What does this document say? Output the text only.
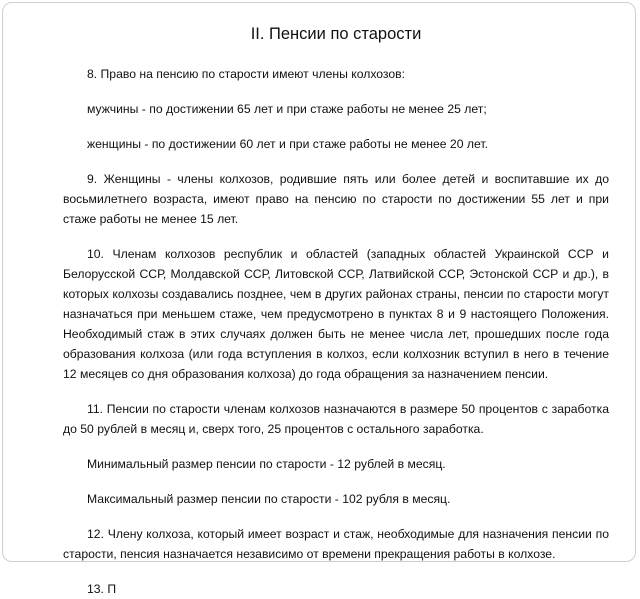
II. Пенсии по старости

8. Право на пенсию по старости имеют члены колхозов:

мужчины - по достижении 65 лет и при стаже работы не менее 25 лет;

женщины - по достижении 60 лет и при стаже работы не менее 20 лет.

9. Женщины - члены колхозов, родившие пять или более детей и воспитавшие их до восьмилетнего возраста, имеют право на пенсию по старости по достижении 55 лет и при стаже работы не менее 15 лет.

10. Членам колхозов республик и областей (западных областей Украинской ССР и Белорусской ССР, Молдавской ССР, Литовской ССР, Латвийской ССР, Эстонской ССР и др.), в которых колхозы создавались позднее, чем в других районах страны, пенсии по старости могут назначаться при меньшем стаже, чем предусмотрено в пунктах 8 и 9 настоящего Положения. Необходимый стаж в этих случаях должен быть не менее числа лет, прошедших после года образования колхоза (или года вступления в колхоз, если колхозник вступил в него в течение 12 месяцев со дня образования колхоза) до года обращения за назначением пенсии.

11. Пенсии по старости членам колхозов назначаются в размере 50 процентов с заработка до 50 рублей в месяц и, сверх того, 25 процентов с остального заработка.

Минимальный размер пенсии по старости - 12 рублей в месяц.

Максимальный размер пенсии по старости - 102 рубля в месяц.

12. Члену колхоза, который имеет возраст и стаж, необходимые для назначения пенсии по старости, пенсия назначается независимо от времени прекращения работы в колхозе.

13. П
